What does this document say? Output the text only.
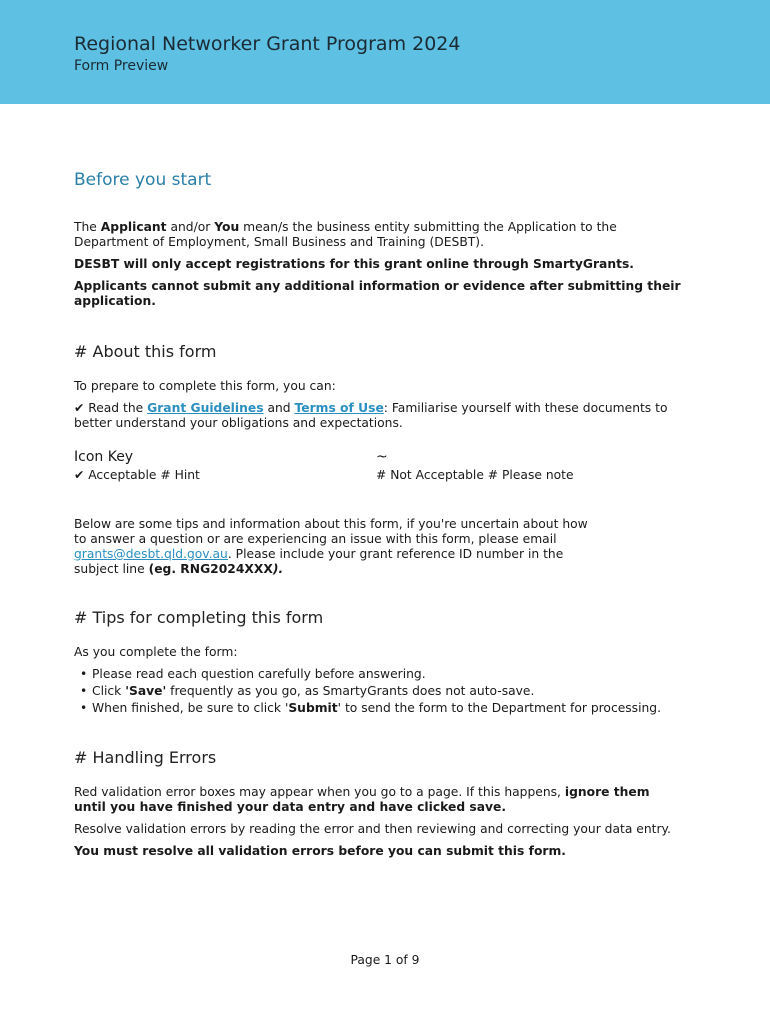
Regional Networker Grant Program 2024
Form Preview
Before you start

The Applicant and/or You mean/s the business entity submitting the Application to the Department of Employment, Small Business and Training (DESBT).

DESBT will only accept registrations for this grant online through SmartyGrants.

Applicants cannot submit any additional information or evidence after submitting their application.

# About this form

To prepare to complete this form, you can:

✔ Read the Grant Guidelines and Terms of Use: Familiarise yourself with these documents to better understand your obligations and expectations.

Icon Key
✔ Acceptable # Hint
~
# Not Acceptable # Please note

Below are some tips and information about this form, if you're uncertain about how to answer a question or are experiencing an issue with this form, please email grants@desbt.qld.gov.au. Please include your grant reference ID number in the subject line (eg. RNG2024XXX).

# Tips for completing this form

As you complete the form:

• Please read each question carefully before answering.
• Click 'Save' frequently as you go, as SmartyGrants does not auto-save.
• When finished, be sure to click 'Submit' to send the form to the Department for processing.
# Handling Errors

Red validation error boxes may appear when you go to a page. If this happens, ignore them until you have finished your data entry and have clicked save.

Resolve validation errors by reading the error and then reviewing and correcting your data entry.

You must resolve all validation errors before you can submit this form.

Page 1 of 9
